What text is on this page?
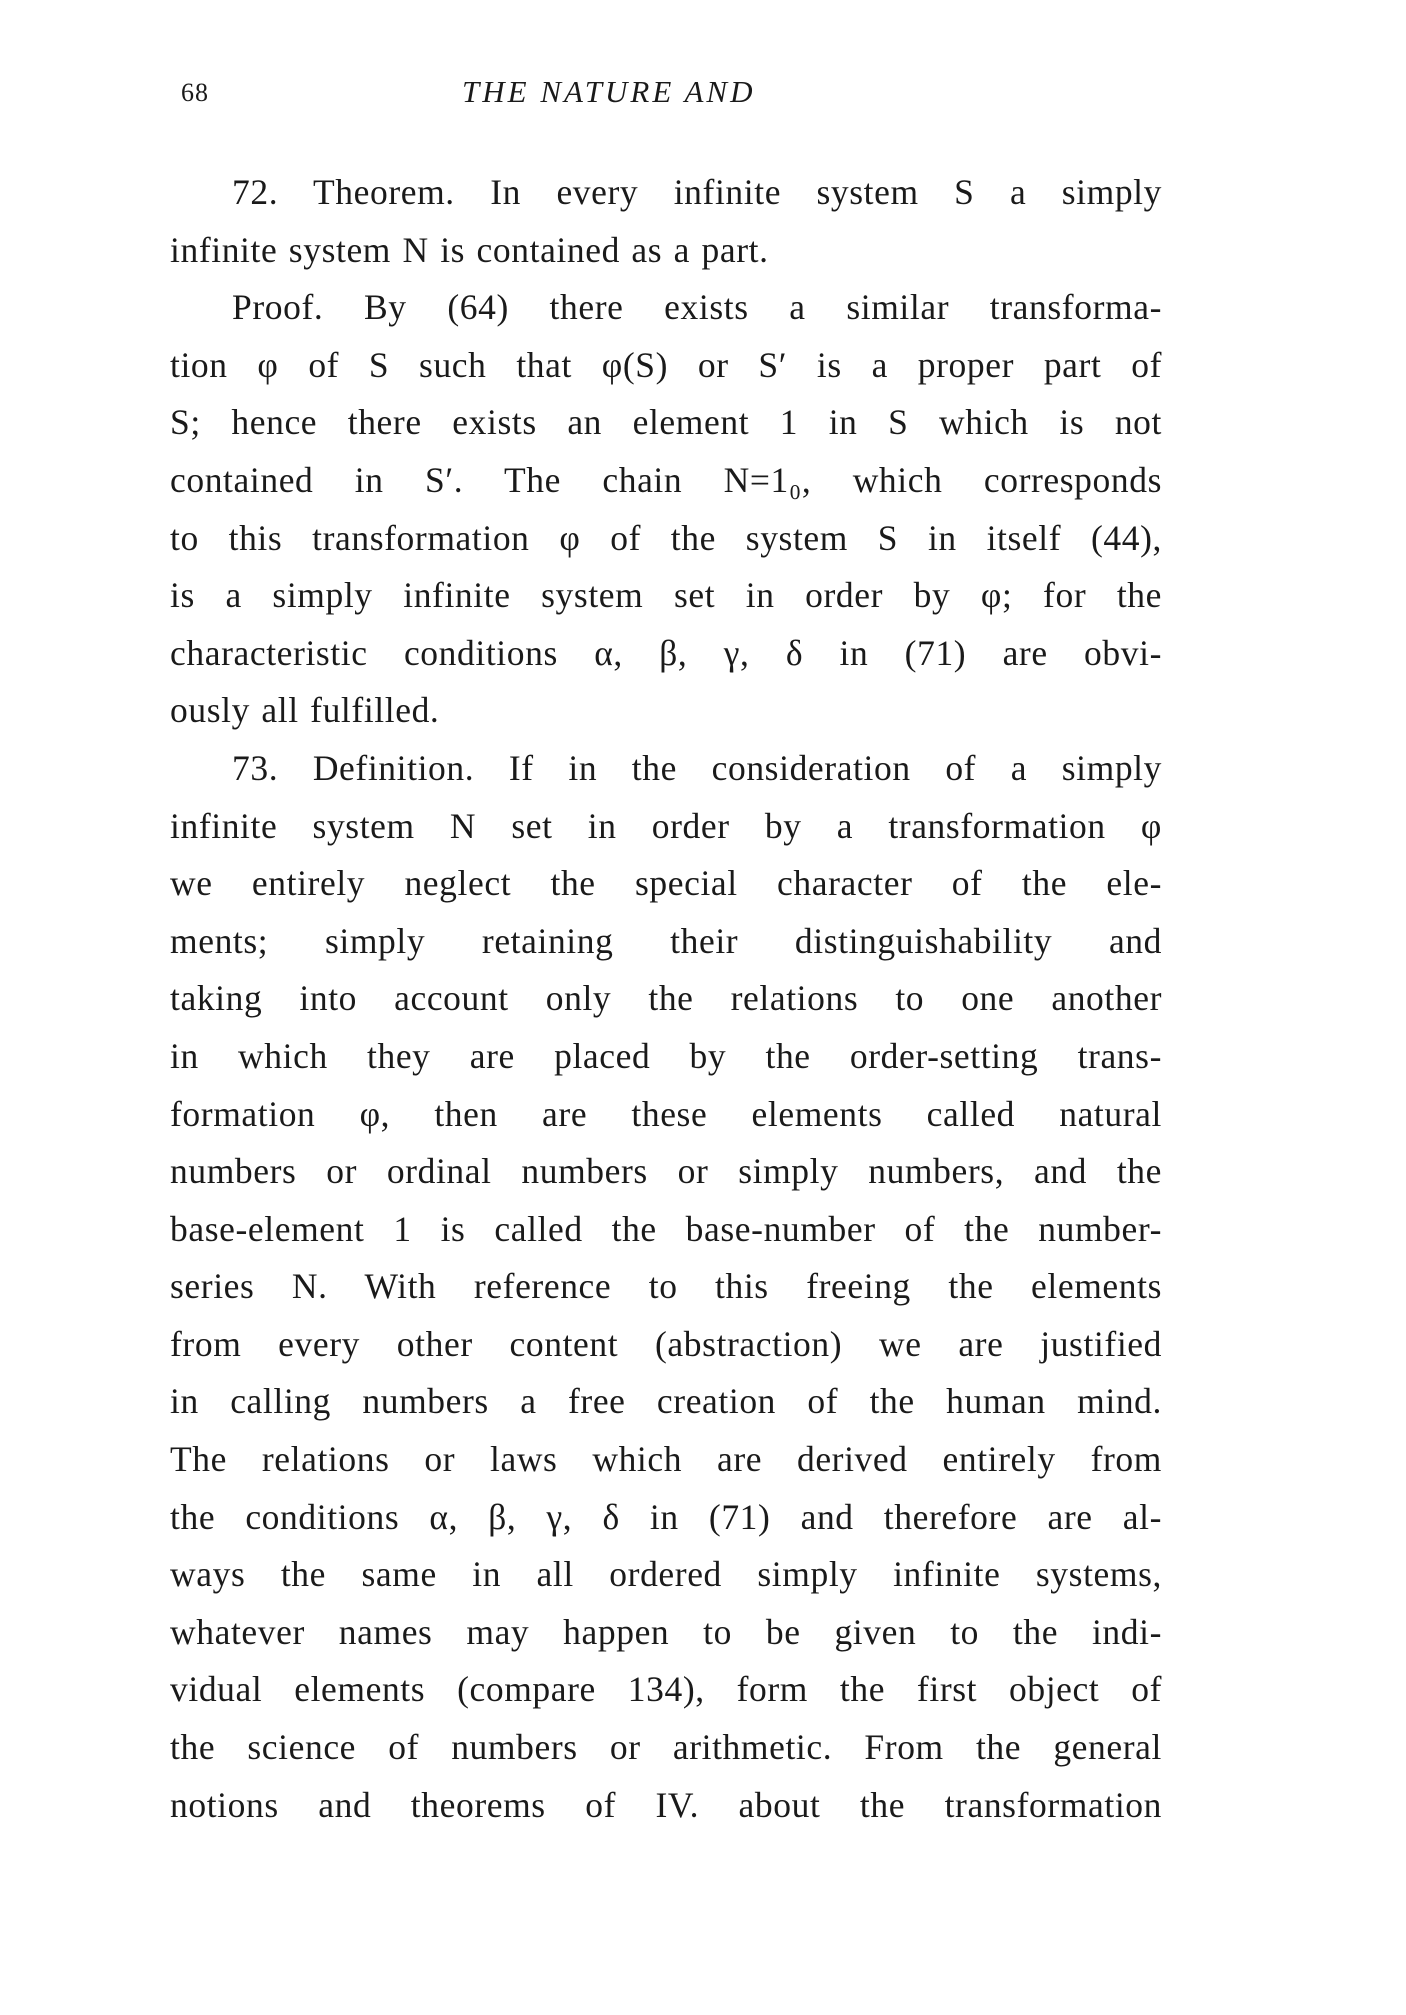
68	THE NATURE AND
72. Theorem. In every infinite system S a simply
infinite system N is contained as a part.
Proof. By (64) there exists a similar transforma-
tion φ of S such that φ(S) or S′ is a proper part of
S; hence there exists an element 1 in S which is not
contained in S′. The chain N=1₀, which corresponds
to this transformation φ of the system S in itself (44),
is a simply infinite system set in order by φ; for the
characteristic conditions α, β, γ, δ in (71) are obvi-
ously all fulfilled.
73. Definition. If in the consideration of a simply
infinite system N set in order by a transformation φ
we entirely neglect the special character of the ele-
ments; simply retaining their distinguishability and
taking into account only the relations to one another
in which they are placed by the order-setting trans-
formation φ, then are these elements called natural
numbers or ordinal numbers or simply numbers, and the
base-element 1 is called the base-number of the number-
series N. With reference to this freeing the elements
from every other content (abstraction) we are justified
in calling numbers a free creation of the human mind.
The relations or laws which are derived entirely from
the conditions α, β, γ, δ in (71) and therefore are al-
ways the same in all ordered simply infinite systems,
whatever names may happen to be given to the indi-
vidual elements (compare 134), form the first object of
the science of numbers or arithmetic. From the general
notions and theorems of IV. about the transformation
